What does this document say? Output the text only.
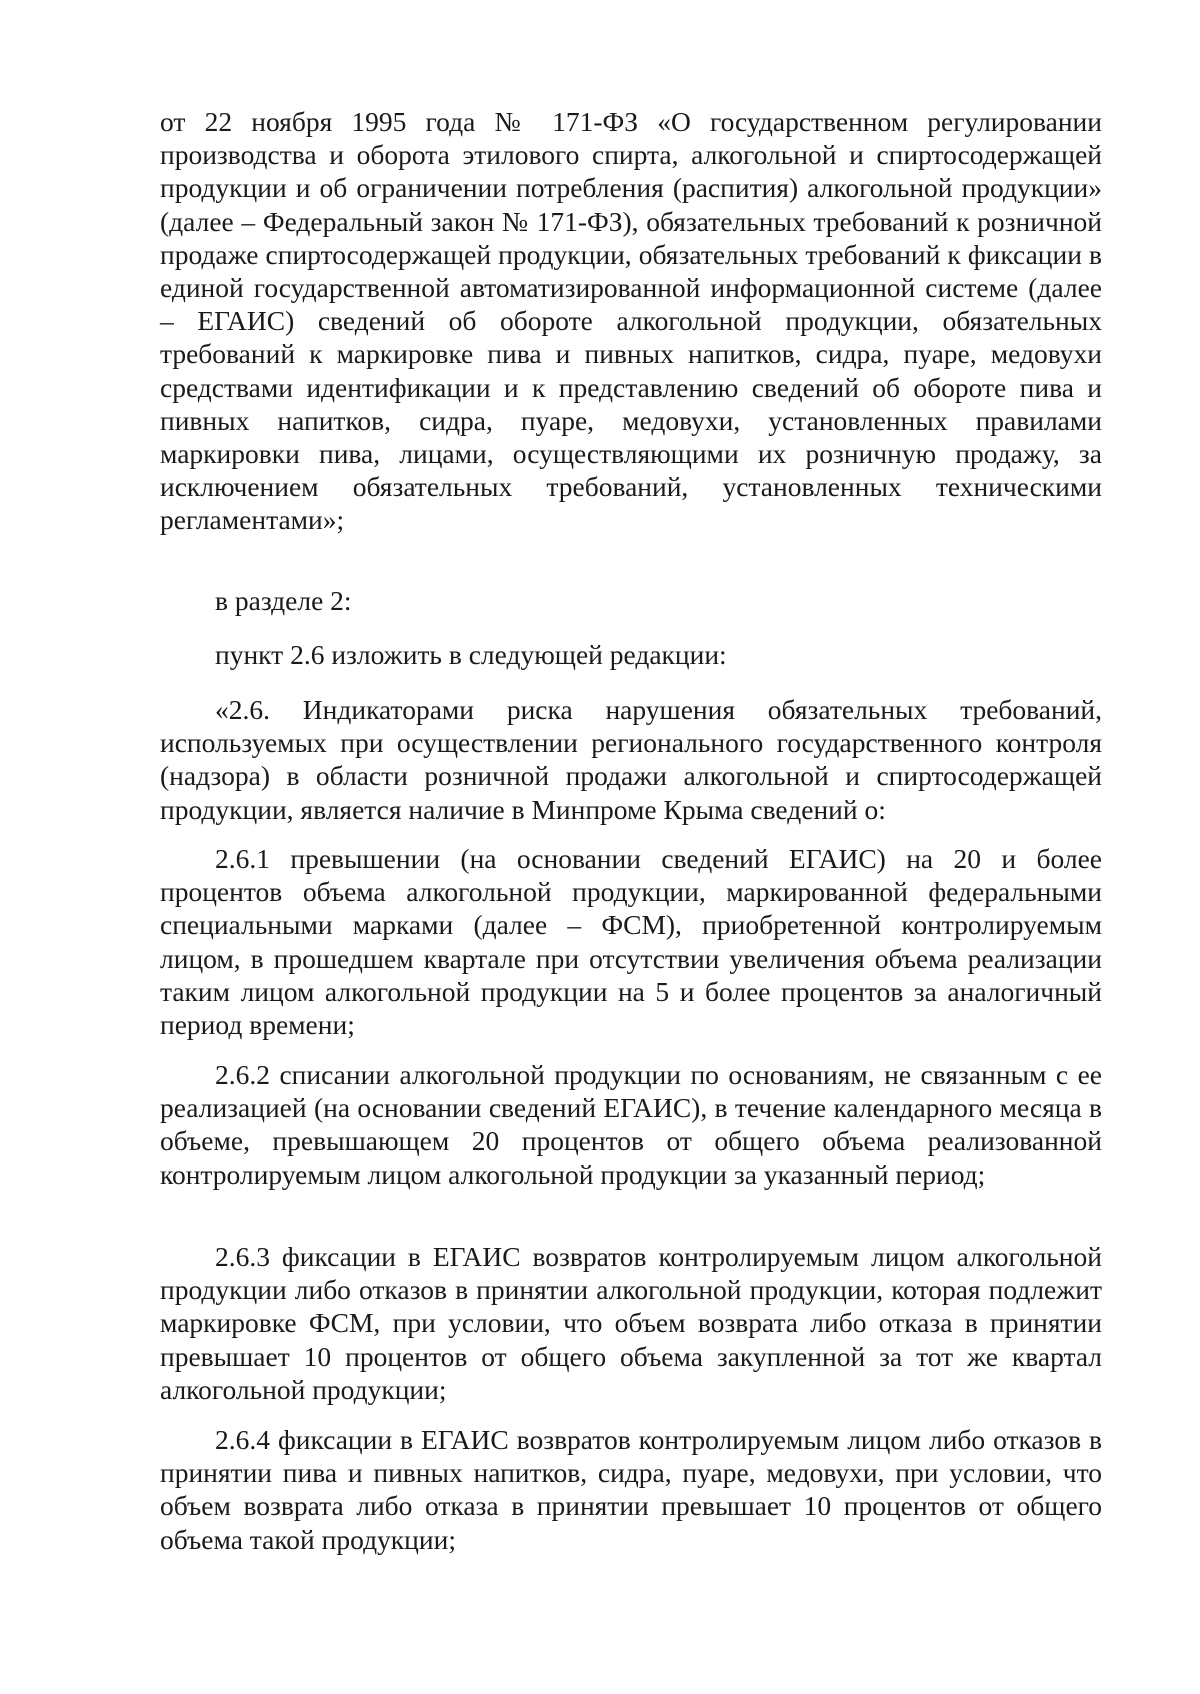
от 22 ноября 1995 года № 171-ФЗ «О государственном регулировании производства и оборота этилового спирта, алкогольной и спиртосодержащей продукции и об ограничении потребления (распития) алкогольной продукции» (далее – Федеральный закон № 171-ФЗ), обязательных требований к розничной продаже спиртосодержащей продукции, обязательных требований к фиксации в единой государственной автоматизированной информационной системе (далее – ЕГАИС) сведений об обороте алкогольной продукции, обязательных требований к маркировке пива и пивных напитков, сидра, пуаре, медовухи средствами идентификации и к представлению сведений об обороте пива и пивных напитков, сидра, пуаре, медовухи, установленных правилами маркировки пива, лицами, осуществляющими их розничную продажу, за исключением обязательных требований, установленных техническими регламентами»;

в разделе 2:

пункт 2.6 изложить в следующей редакции:

«2.6. Индикаторами риска нарушения обязательных требований, используемых при осуществлении регионального государственного контроля (надзора) в области розничной продажи алкогольной и спиртосодержащей продукции, является наличие в Минпроме Крыма сведений о:

2.6.1 превышении (на основании сведений ЕГАИС) на 20 и более процентов объема алкогольной продукции, маркированной федеральными специальными марками (далее – ФСМ), приобретенной контролируемым лицом, в прошедшем квартале при отсутствии увеличения объема реализации таким лицом алкогольной продукции на 5 и более процентов за аналогичный период времени;

2.6.2 списании алкогольной продукции по основаниям, не связанным с ее реализацией (на основании сведений ЕГАИС), в течение календарного месяца в объеме, превышающем 20 процентов от общего объема реализованной контролируемым лицом алкогольной продукции за указанный период;

2.6.3 фиксации в ЕГАИС возвратов контролируемым лицом алкогольной продукции либо отказов в принятии алкогольной продукции, которая подлежит маркировке ФСМ, при условии, что объем возврата либо отказа в принятии превышает 10 процентов от общего объема закупленной за тот же квартал алкогольной продукции;

2.6.4 фиксации в ЕГАИС возвратов контролируемым лицом либо отказов в принятии пива и пивных напитков, сидра, пуаре, медовухи, при условии, что объем возврата либо отказа в принятии превышает 10 процентов от общего объема такой продукции;
